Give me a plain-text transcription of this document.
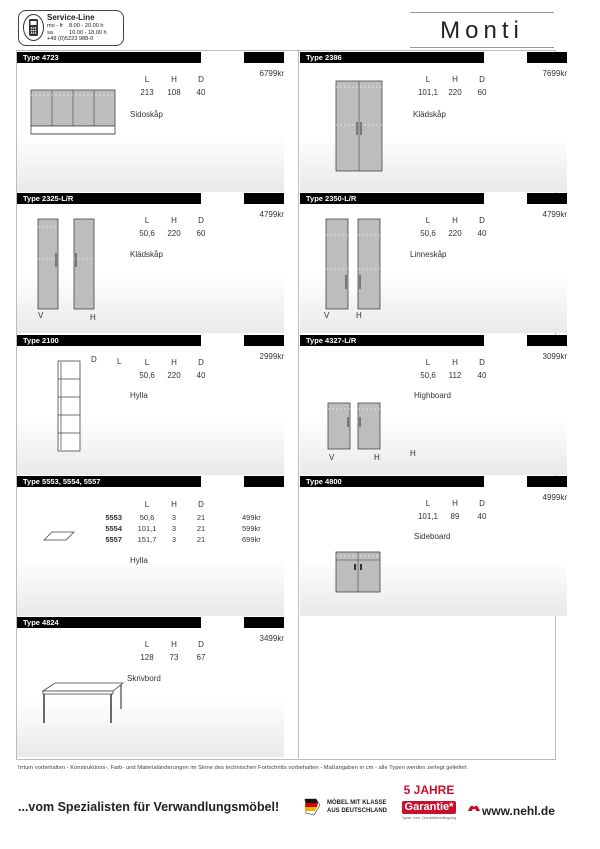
Service-Line
mo - fr 8.00 - 20.00 h
sa	10.00 - 18.00 h
+49 (0)5223 988-0	Monti
Type 4723
6799kr
L	H	D
213	108	40
Sidoskåp
Type 2386
7699kr
L	H	D
101,1	220	60
Klädskåp
Type 2325-L/R
4799kr
L	H	D
50,6	220	60
Klädskåp
V	H
Type 2350-L/R
4799kr
L	H	D
50,6	220	40
Linneskåp
V	H
Type 2100
2999kr
D	L	L	H	D
50,6	220	40
Hylla
Type 4327-L/R
3099kr
L	H	D
50,6	112	40
Highboard
V	H	H
Type 5553, 5554, 5557
L	H	D
5553	50,6	3	21	499kr
5554 101,1	3	21	599kr
5557 151,7	3	21	699kr
Hylla
Type 4800
4999kr
L	H	D
101,1	89	40
Sideboard
Type 4824
3499kr
L	H	D
128	73	67
Skrivbord
Irrtum vorbehalten - Konstruktions-, Farb- und Materialänderungen im Sinne des technischen Fortschritts vorbehalten - Maßangaben in cm - alle Typen werden zerlegt geliefert
...vom Spezialisten für Verwandlungsmöbel!	MÖBEL MIT KLASSE
AUS DEUTSCHLAND
5 JAHRE
Garantie*
*gem. bes. Garantiebedingung	www.nehl.de
